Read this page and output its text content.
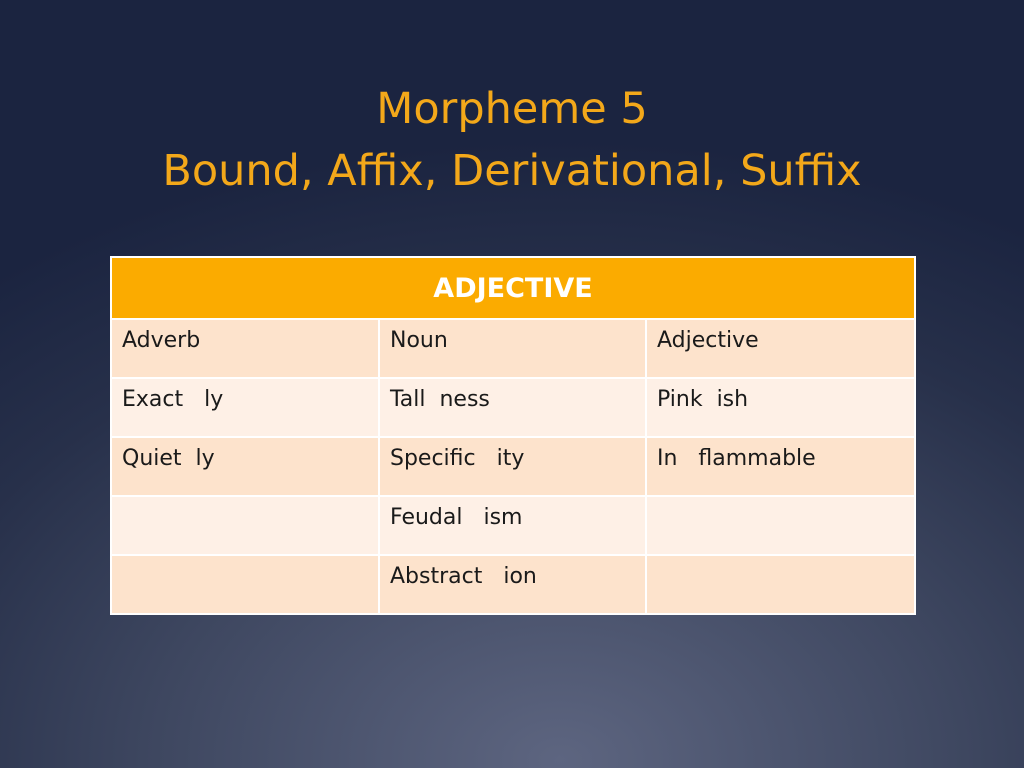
Morpheme 5
Bound, Affix, Derivational, Suffix
ADJECTIVE		
Adverb	Noun	Adjective
Exact   ly	Tall  ness	Pink  ish
Quiet  ly	Specific   ity	In   flammable
	Feudal   ism	
	Abstract   ion	
